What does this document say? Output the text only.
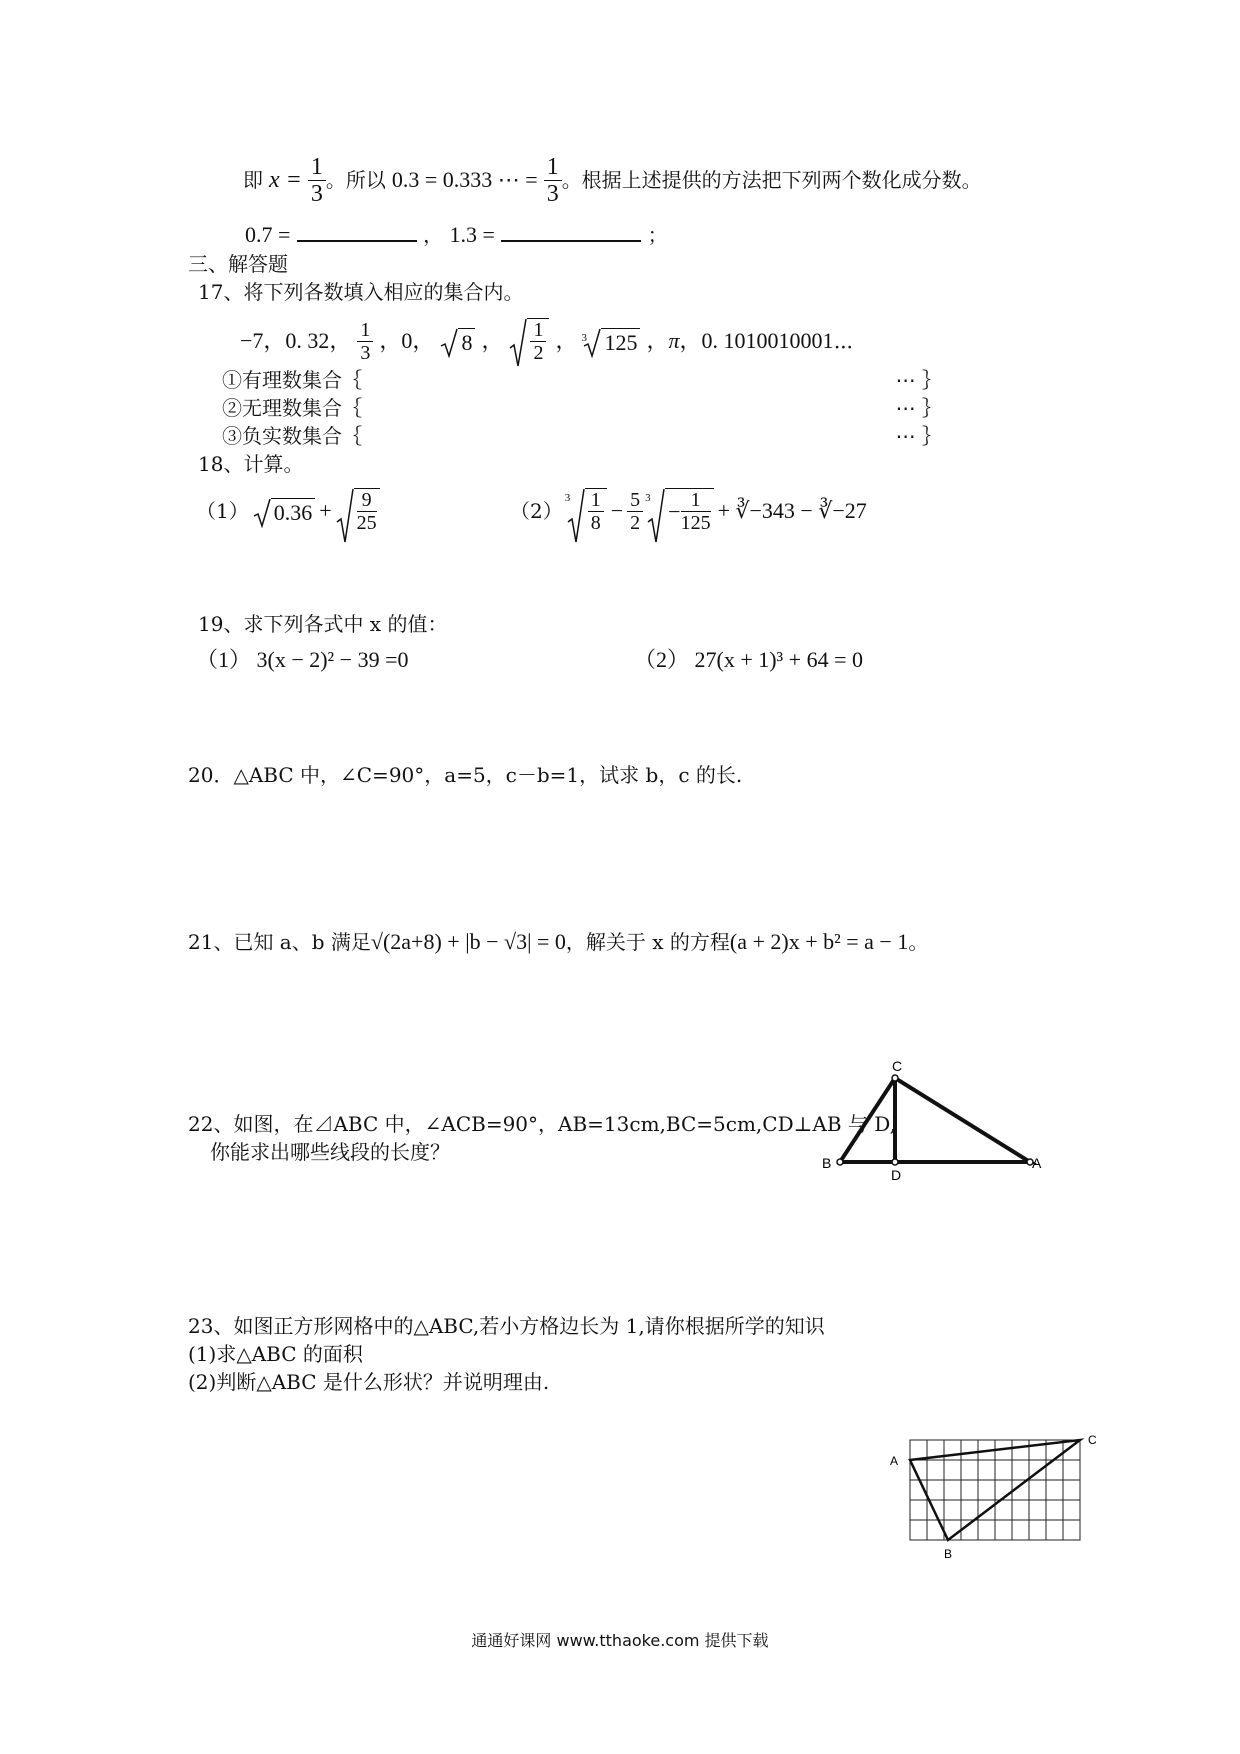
即 $x = \frac{1}{3}$ 。所以 0.3 = 0.333 ⋯ = $\frac{1}{3}$ 。根据上述提供的方法把下列两个数化成分数。
0.7 =	， 1.3 =	；
三、解答题
17、将下列各数填入相应的集合内。
−7，0. 32， $\frac{1}{3}$ ，0，	8 ， $\frac{1}{2}$ ， 3 125 ，π，0. 1010010001⋯
①有理数集合｛	⋯ ｝
②无理数集合｛	⋯ ｝
③负实数集合｛	⋯ ｝
18、计算。
（1）	$0.36 + \frac{9}{25}$	（2）
$3 \frac{1}{8} - \frac{5}{2} 3$
− $\frac{1}{125}$ + ∛−343 − ∛−27
19、求下列各式中 x 的值：
（1） 3(x − 2)² − 39 =0	（2） 27(x + 1)³ + 64 = 0
20．△ABC 中，∠C=90°，a=5，c－b=1，试求 b，c 的长.
21、已知 a、b 满足√(2a+8) + |b − √3| = 0，解关于 x 的方程(a + 2)x + b² = a − 1。
22、如图，在⊿ABC 中，∠ACB=90°，AB=13cm,BC=5cm,CD⊥AB 与 D,
你能求出哪些线段的长度？	B
C
A
D
23、如图正方形网格中的△ABC,若小方格边长为 1,请你根据所学的知识
(1)求△ABC 的面积
(2)判断△ABC 是什么形状？并说明理由.
A
C
B
通通好课网 www.tthaoke.com 提供下载
